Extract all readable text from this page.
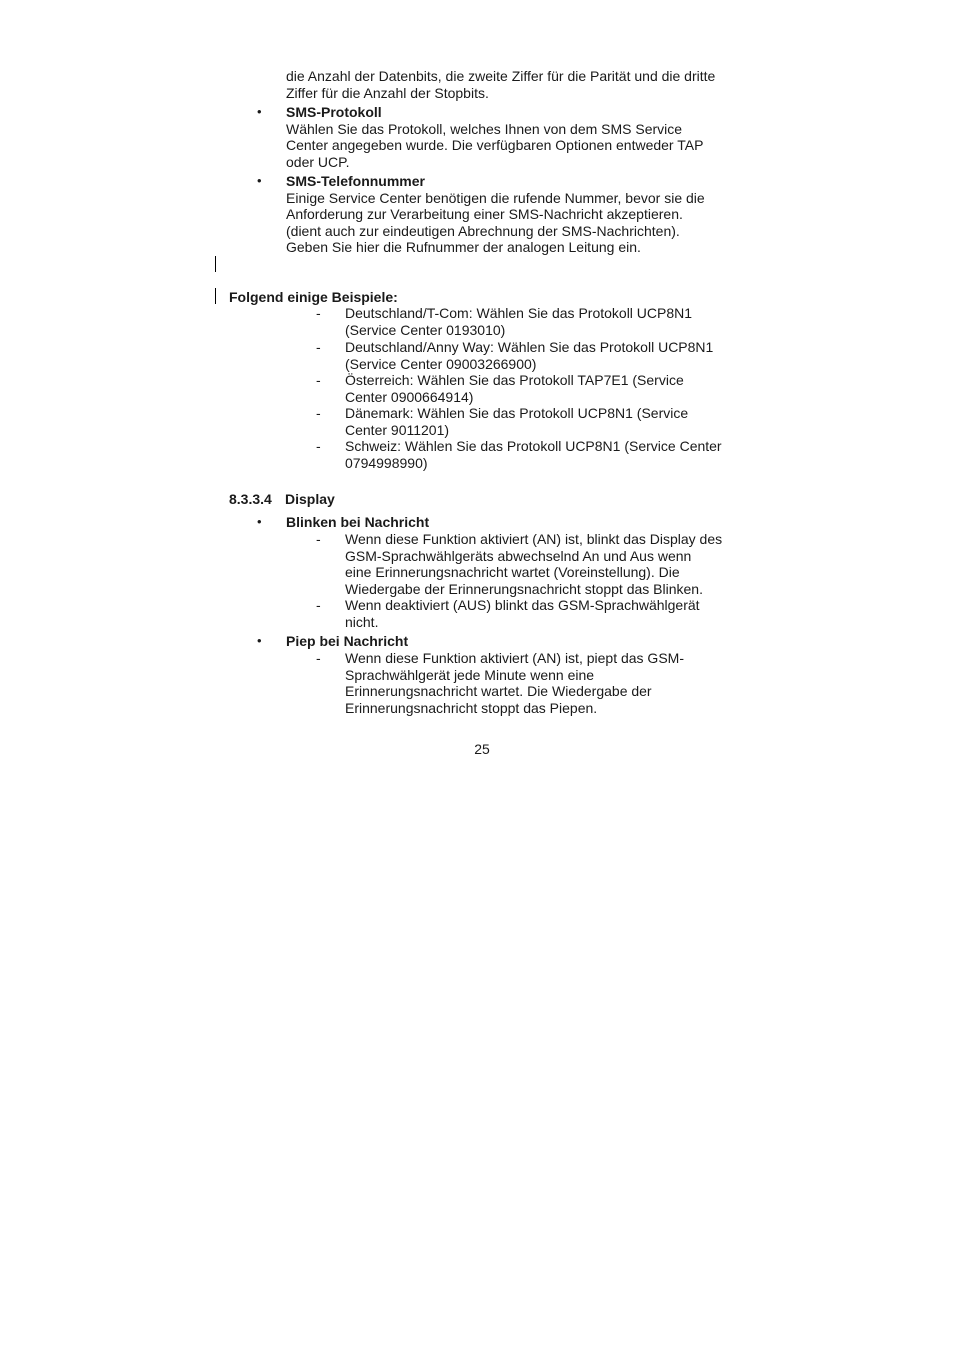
die Anzahl der Datenbits, die zweite Ziffer für die Parität und die dritte
Ziffer für die Anzahl der Stopbits.
• SMS-Protokoll
Wählen Sie das Protokoll, welches Ihnen von dem SMS Service
Center angegeben wurde. Die verfügbaren Optionen entweder TAP
oder UCP.
• SMS-Telefonnummer
Einige Service Center benötigen die rufende Nummer, bevor sie die
Anforderung zur Verarbeitung einer SMS-Nachricht akzeptieren.
(dient auch zur eindeutigen Abrechnung der SMS-Nachrichten).
Geben Sie hier die Rufnummer der analogen Leitung ein.
Folgend einige Beispiele:
- Deutschland/T-Com: Wählen Sie das Protokoll UCP8N1
(Service Center 0193010)
- Deutschland/Anny Way: Wählen Sie das Protokoll UCP8N1
(Service Center 09003266900)
- Österreich: Wählen Sie das Protokoll TAP7E1 (Service
Center 0900664914)
- Dänemark: Wählen Sie das Protokoll UCP8N1 (Service
Center 9011201)
- Schweiz: Wählen Sie das Protokoll UCP8N1 (Service Center
0794998990)
8.3.3.4 Display
• Blinken bei Nachricht
- Wenn diese Funktion aktiviert (AN) ist, blinkt das Display des
GSM-Sprachwählgeräts abwechselnd An und Aus wenn
eine Erinnerungsnachricht wartet (Voreinstellung). Die
Wiedergabe der Erinnerungsnachricht stoppt das Blinken.
- Wenn deaktiviert (AUS) blinkt das GSM-Sprachwählgerät
nicht.
• Piep bei Nachricht
- Wenn diese Funktion aktiviert (AN) ist, piept das GSM-
Sprachwählgerät jede Minute wenn eine
Erinnerungsnachricht wartet. Die Wiedergabe der
Erinnerungsnachricht stoppt das Piepen.
25
